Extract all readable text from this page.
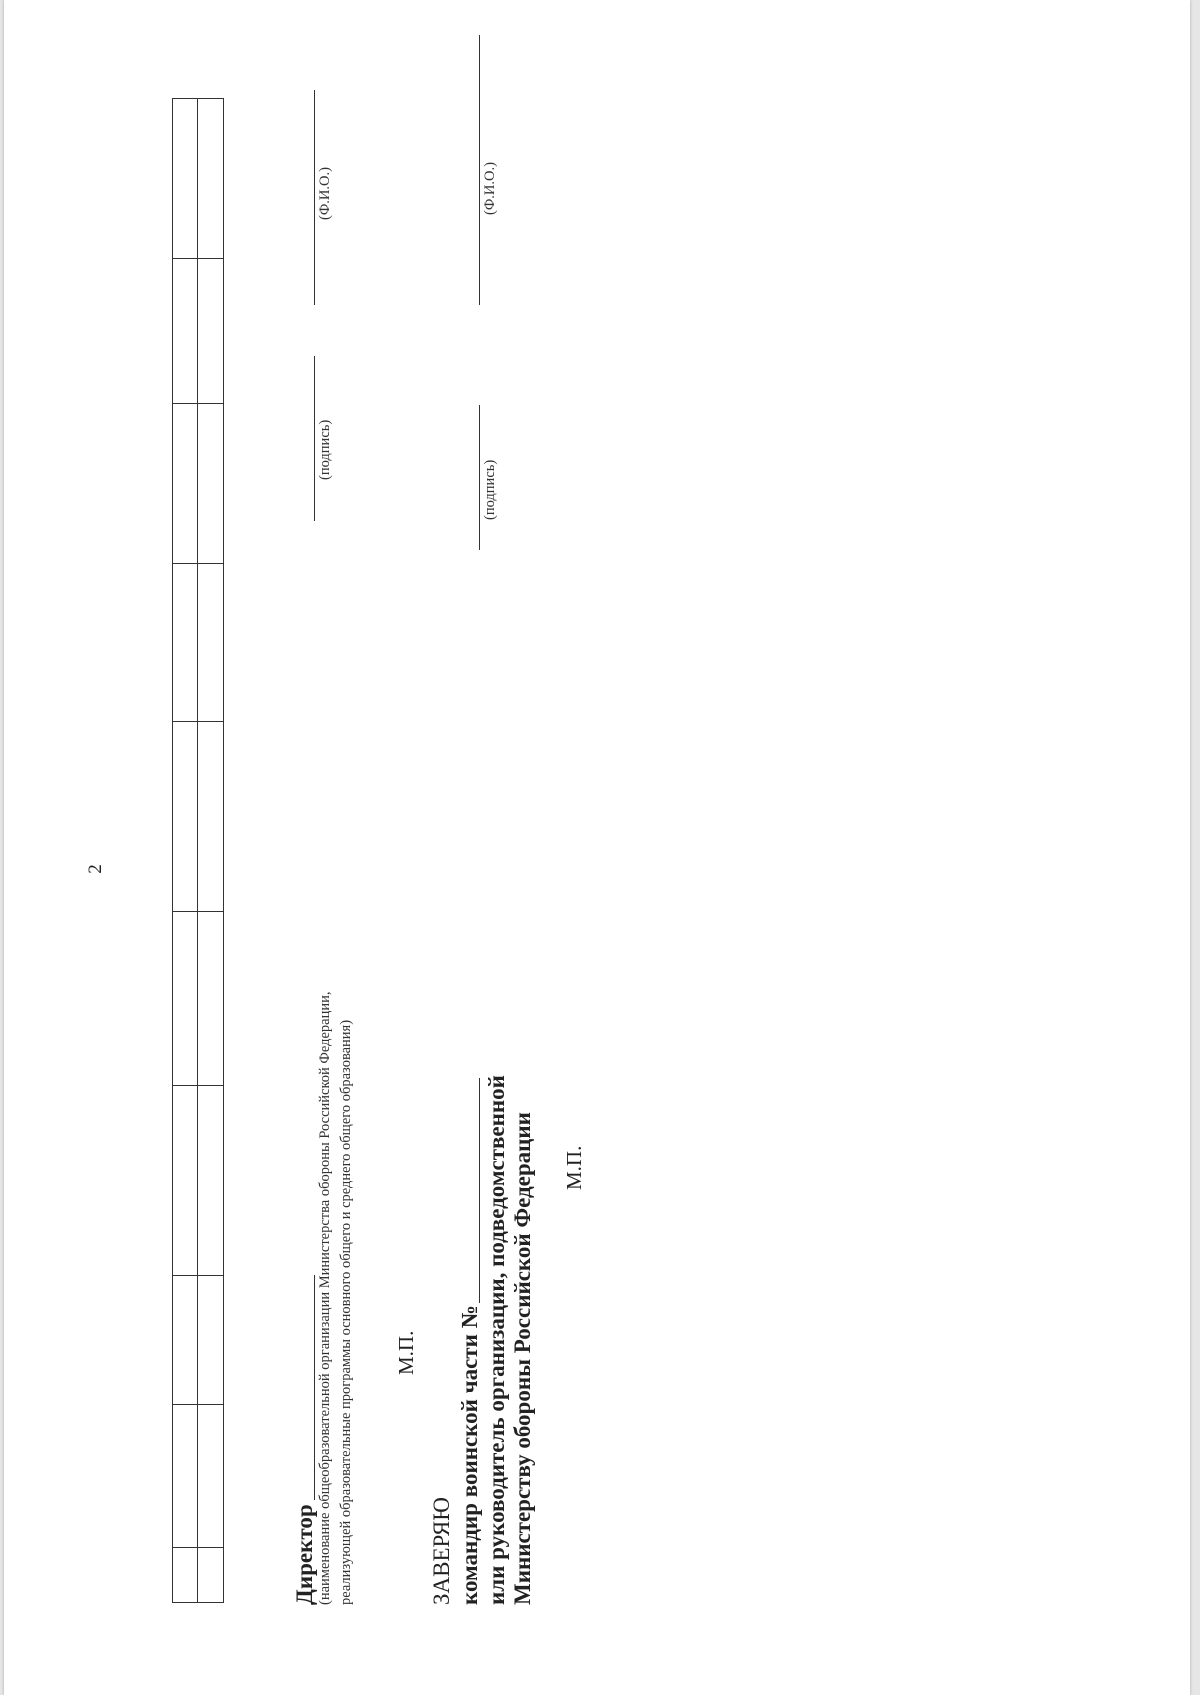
2
Директор (наименование общеобразовательной организации Министерства обороны Российской Федерации, реализующей образовательные программы основного общего и среднего общего образования)
(подпись)
(Ф.И.О.)
М.П.
ЗАВЕРЯЮ командир воинской части № или руководитель организации, подведомственной Министерству обороны Российской Федерации
(подпись)
(Ф.И.О.)
М.П.
